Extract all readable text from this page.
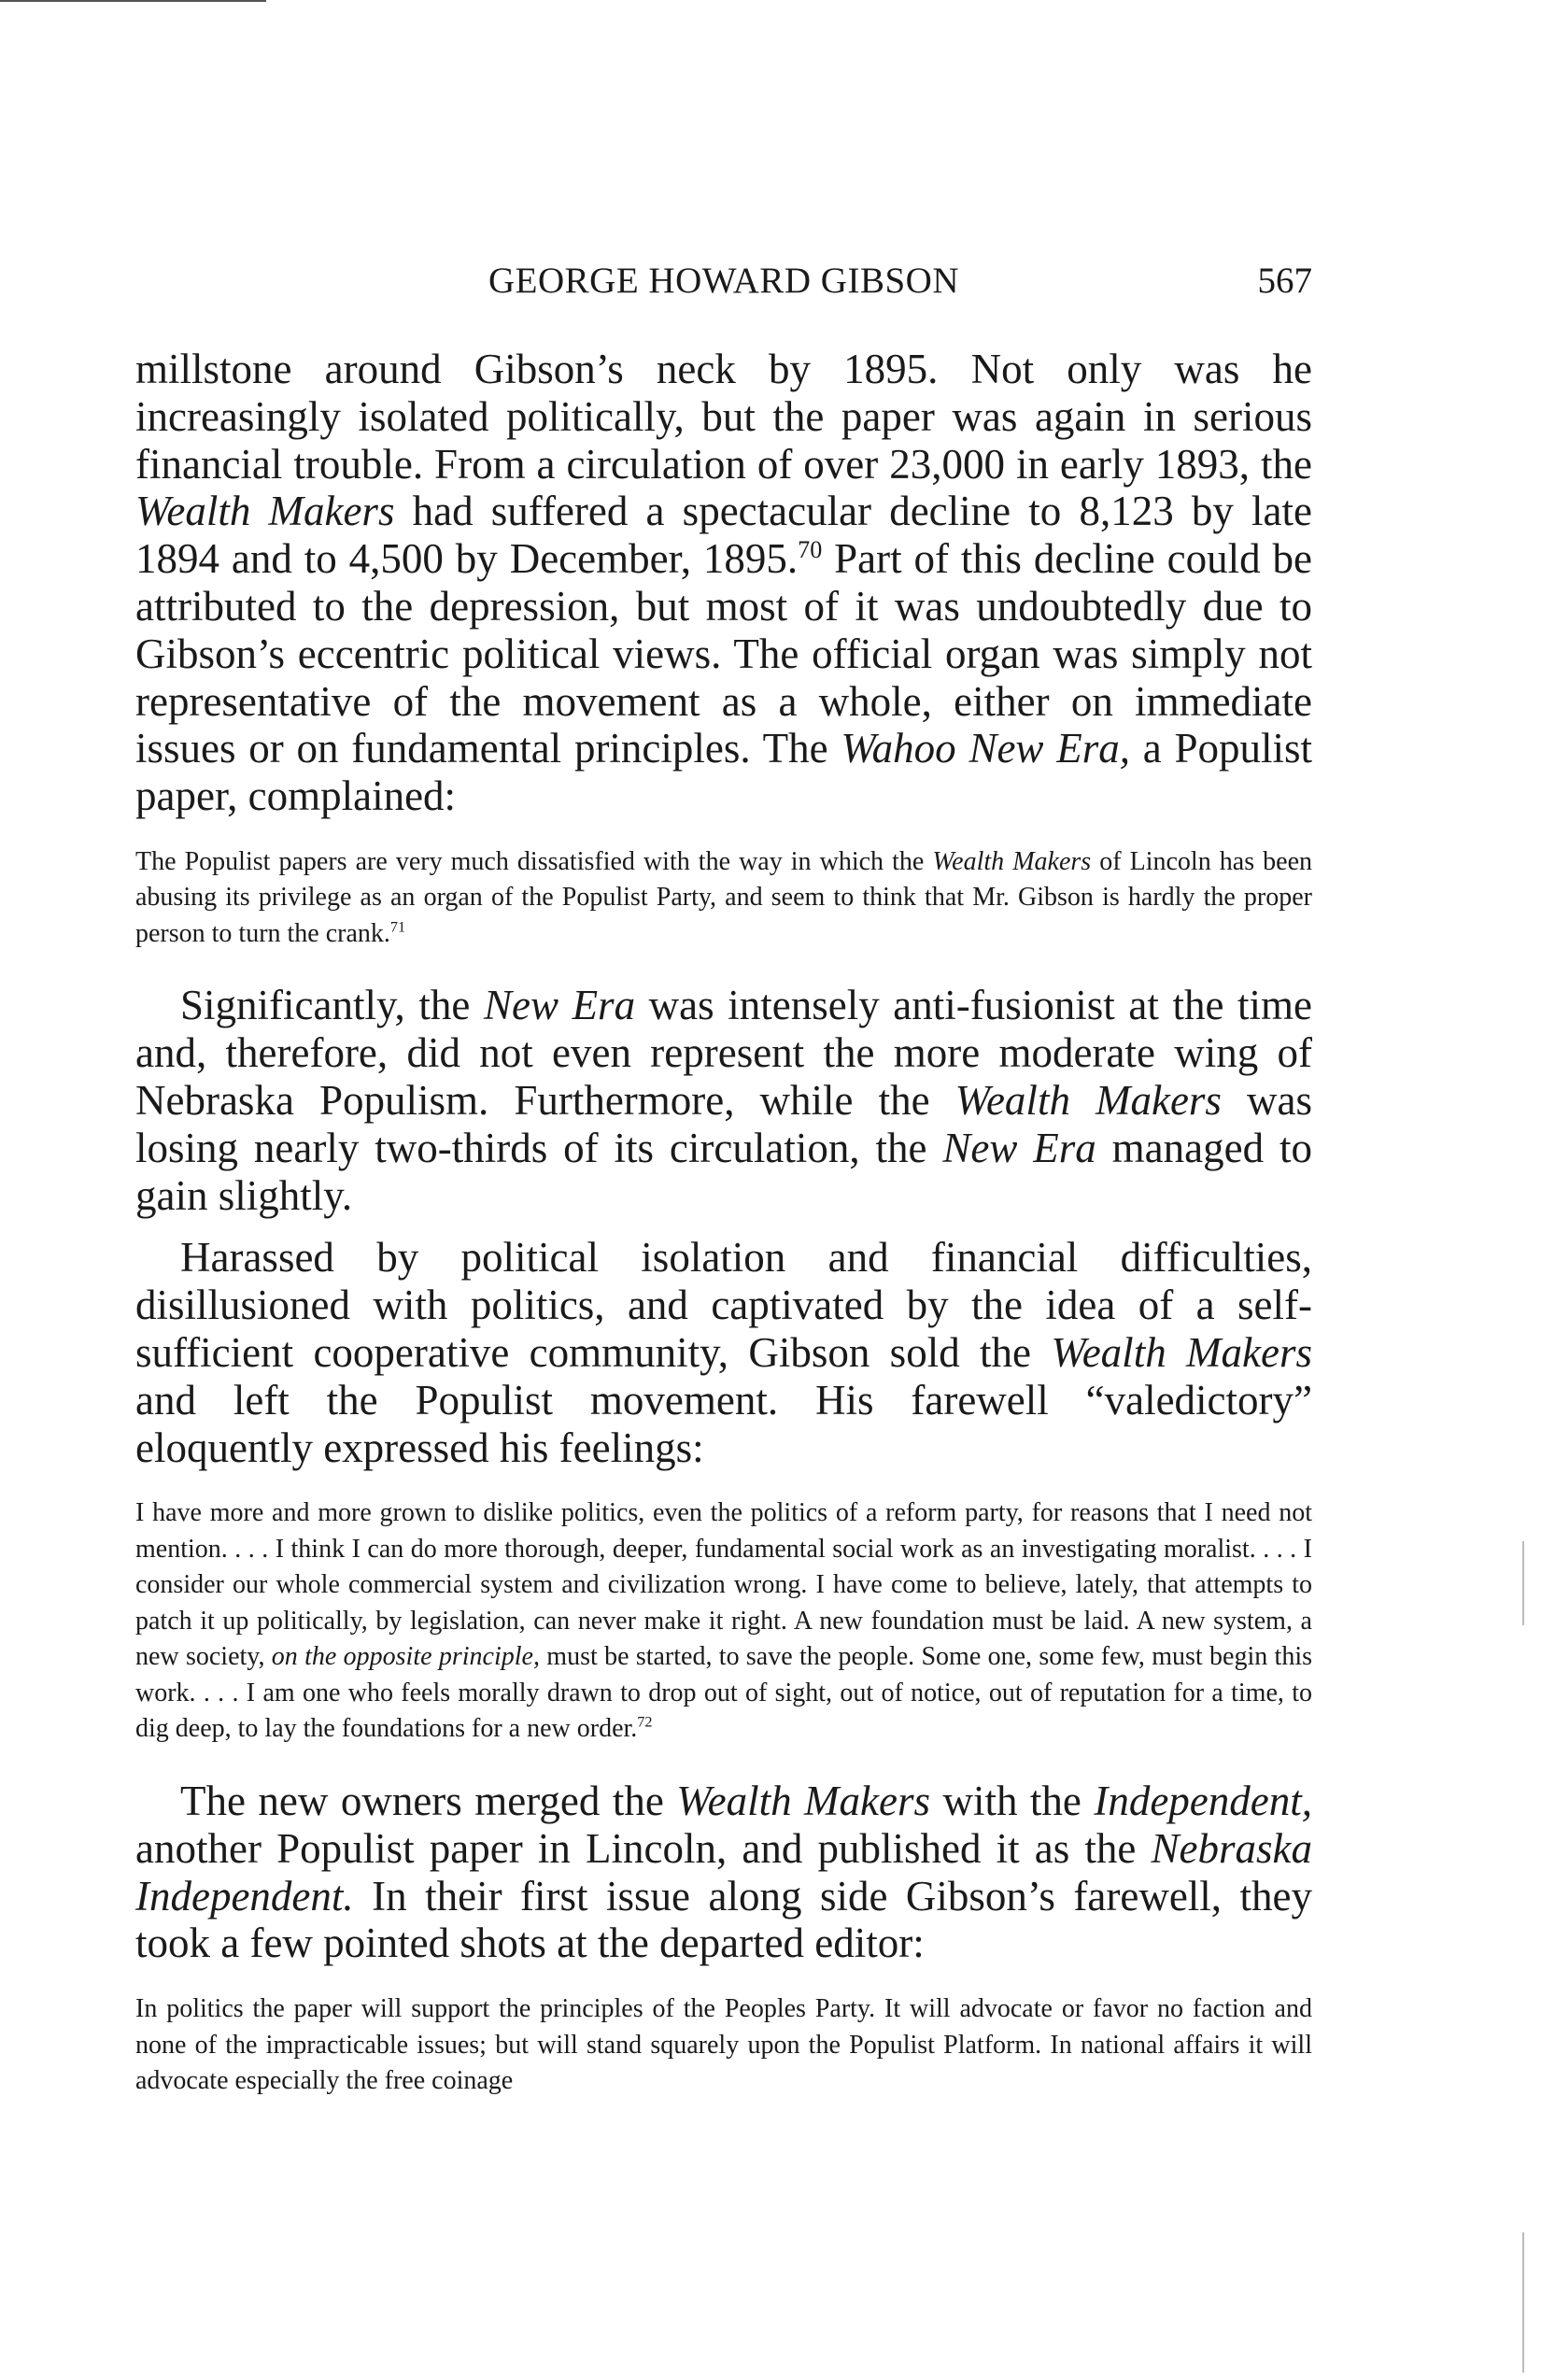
GEORGE HOWARD GIBSON	567

millstone around Gibson’s neck by 1895. Not only was he increasingly isolated politically, but the paper was again in serious financial trouble. From a circulation of over 23,000 in early 1893, the Wealth Makers had suffered a spectacular decline to 8,123 by late 1894 and to 4,500 by December, 1895.70 Part of this decline could be attributed to the depression, but most of it was undoubtedly due to Gibson’s eccentric political views. The official organ was simply not representative of the movement as a whole, either on immediate issues or on fundamental principles. The Wahoo New Era, a Populist paper, complained:

The Populist papers are very much dissatisfied with the way in which the Wealth Makers of Lincoln has been abusing its privilege as an organ of the Populist Party, and seem to think that Mr. Gibson is hardly the proper person to turn the crank.$^{71}$

Significantly, the New Era was intensely anti-fusionist at the time and, therefore, did not even represent the more moderate wing of Nebraska Populism. Furthermore, while the Wealth Makers was losing nearly two-thirds of its circulation, the New Era managed to gain slightly.

Harassed by political isolation and financial difficulties, disillusioned with politics, and captivated by the idea of a self-sufficient cooperative community, Gibson sold the Wealth Makers and left the Populist movement. His farewell “valedictory” eloquently expressed his feelings:

I have more and more grown to dislike politics, even the politics of a reform party, for reasons that I need not mention. . . . I think I can do more thorough, deeper, fundamental social work as an investigating moralist. . . . I consider our whole commercial system and civilization wrong. I have come to believe, lately, that attempts to patch it up politically, by legislation, can never make it right. A new foundation must be laid. A new system, a new society, on the opposite principle, must be started, to save the people. Some one, some few, must begin this work. . . . I am one who feels morally drawn to drop out of sight, out of notice, out of reputation for a time, to dig deep, to lay the foundations for a new order.$^{72}$

The new owners merged the Wealth Makers with the Independent, another Populist paper in Lincoln, and published it as the Nebraska Independent. In their first issue along side Gibson’s farewell, they took a few pointed shots at the departed editor:

In politics the paper will support the principles of the Peoples Party. It will advocate or favor no faction and none of the impracticable issues; but will stand squarely upon the Populist Platform. In national affairs it will advocate especially the free coinage
